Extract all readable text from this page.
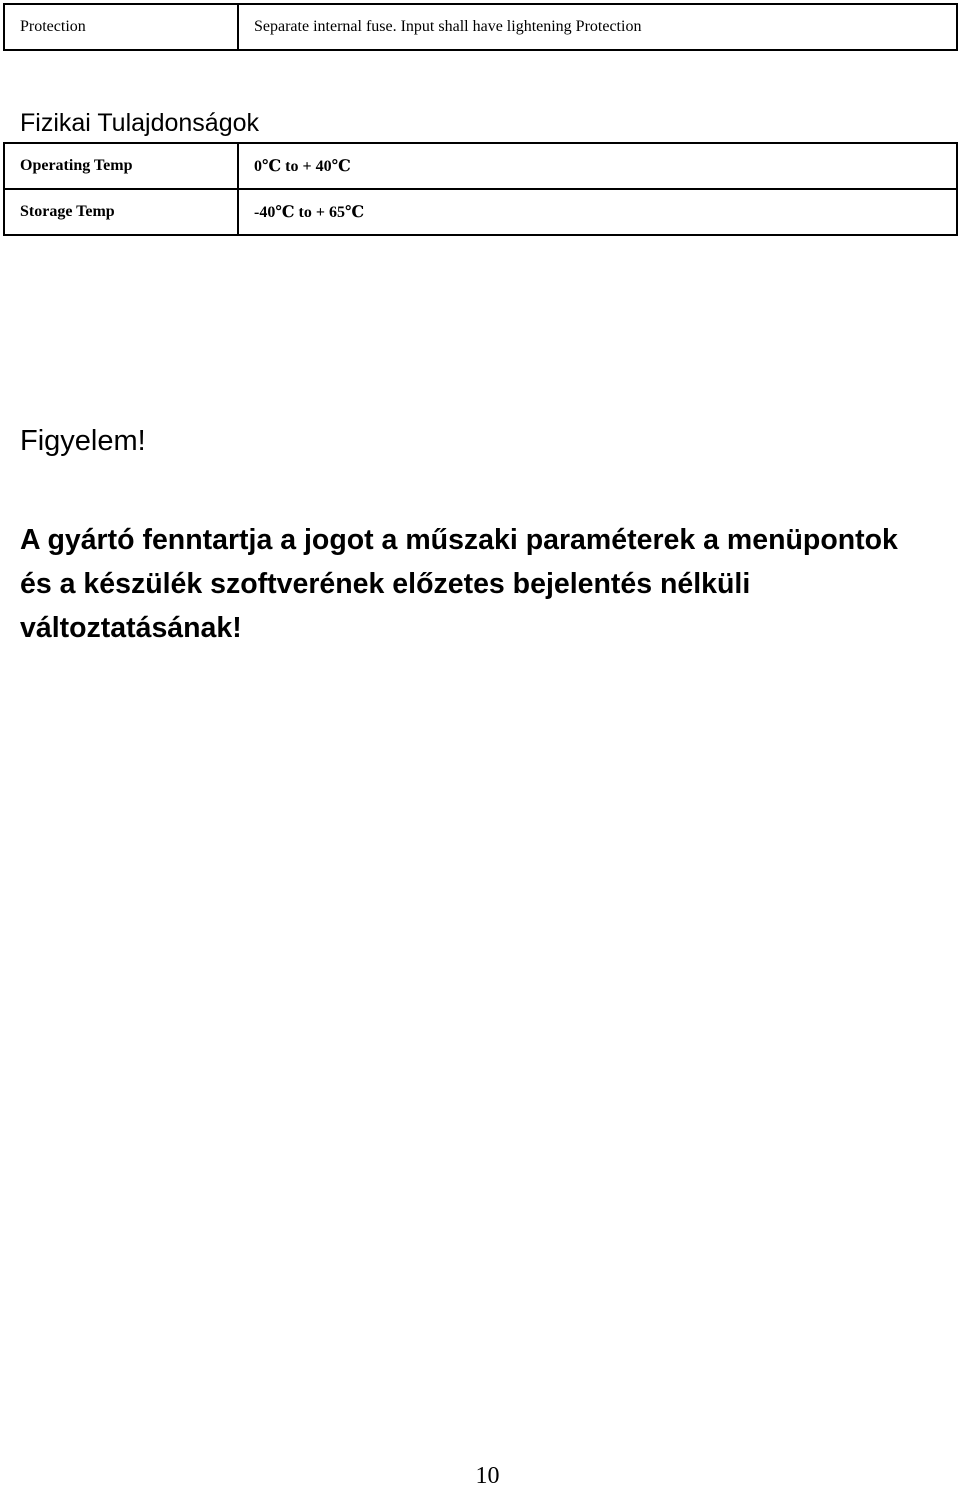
Protection	Separate internal fuse. Input shall have lightening Protection
Fizikai Tulajdonságok
Operating Temp	0℃ to + 40℃
Storage Temp	-40℃ to + 65℃
Figyelem!
A gyártó fenntartja a jogot a műszaki paraméterek a menüpontok
és a készülék szoftverének előzetes bejelentés nélküli
változtatásának!
10
